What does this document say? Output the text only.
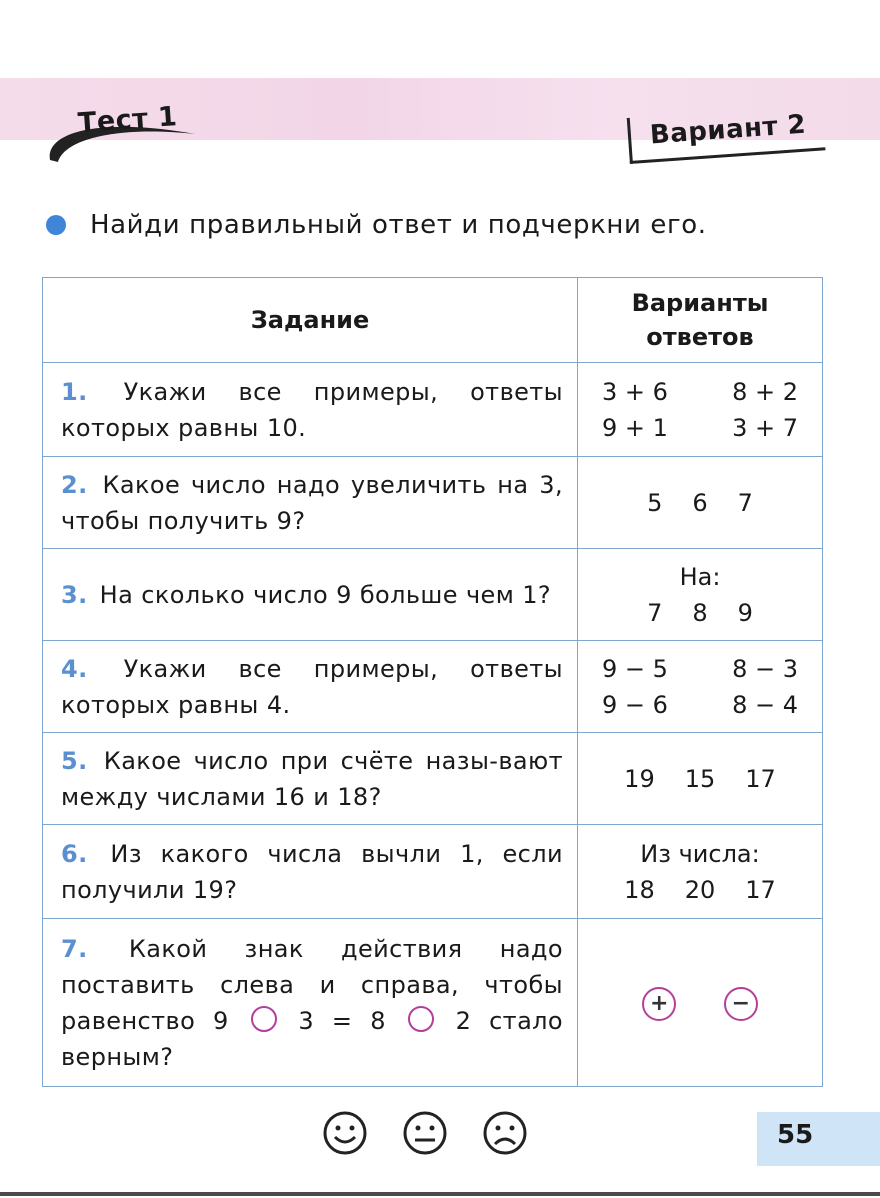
Тест 1	Вариант 2
Найди правильный ответ и подчеркни его.
Задание	Варианты
ответов

1. Укажи все примеры, ответы которых равны 10.	3 + 6 8 + 2
9 + 1 3 + 7

2. Какое число надо увеличить на 3, чтобы получить 9?	5 6 7

3. На сколько число 9 больше чем 1?	На:
7 8 9

4. Укажи все примеры, ответы которых равны 4.	9 − 5 8 − 3
9 − 6 8 − 4

5. Какое число при счёте назы-вают между числами 16 и 18?	19 15 17

6. Из какого числа вычли 1, если получили 19?	Из числа:
18 20 17

7. Какой знак действия надо поставить слева и справа, чтобы равенство 9 3 = 8 2 стало верным?	+ −
55
